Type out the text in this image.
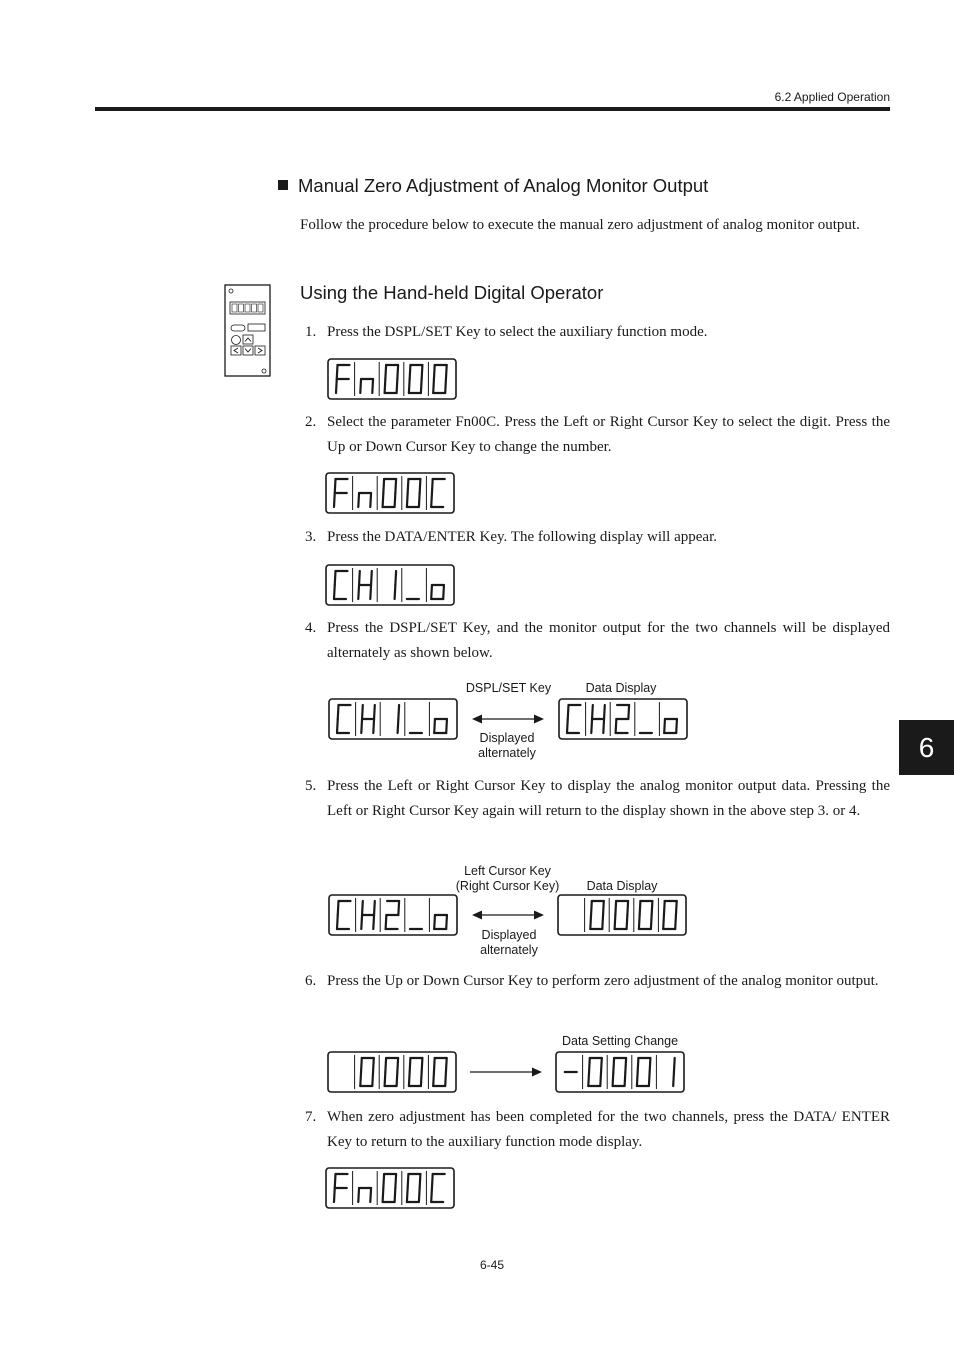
6.2 Applied Operation
Manual Zero Adjustment of Analog Monitor Output
Follow the procedure below to execute the manual zero adjustment of analog monitor output.
Using the Hand-held Digital Operator
1. Press the DSPL/SET Key to select the auxiliary function mode.
2. Select the parameter Fn00C. Press the Left or Right Cursor Key to select the digit. Press the Up or Down Cursor Key to change the number.
3. Press the DATA/ENTER Key. The following display will appear.
4. Press the DSPL/SET Key, and the monitor output for the two channels will be displayed alternately as shown below.
DSPL/SET Key	Data Display
Displayed
alternately
5. Press the Left or Right Cursor Key to display the analog monitor output data. Pressing the Left or Right Cursor Key again will return to the display shown in the above step 3. or 4.
Left Cursor Key
(Right Cursor Key)	Data Display
Displayed
alternately
6. Press the Up or Down Cursor Key to perform zero adjustment of the analog monitor output.
Data Setting Change
7. When zero adjustment has been completed for the two channels, press the DATA/ ENTER Key to return to the auxiliary function mode display.
6
6-45
